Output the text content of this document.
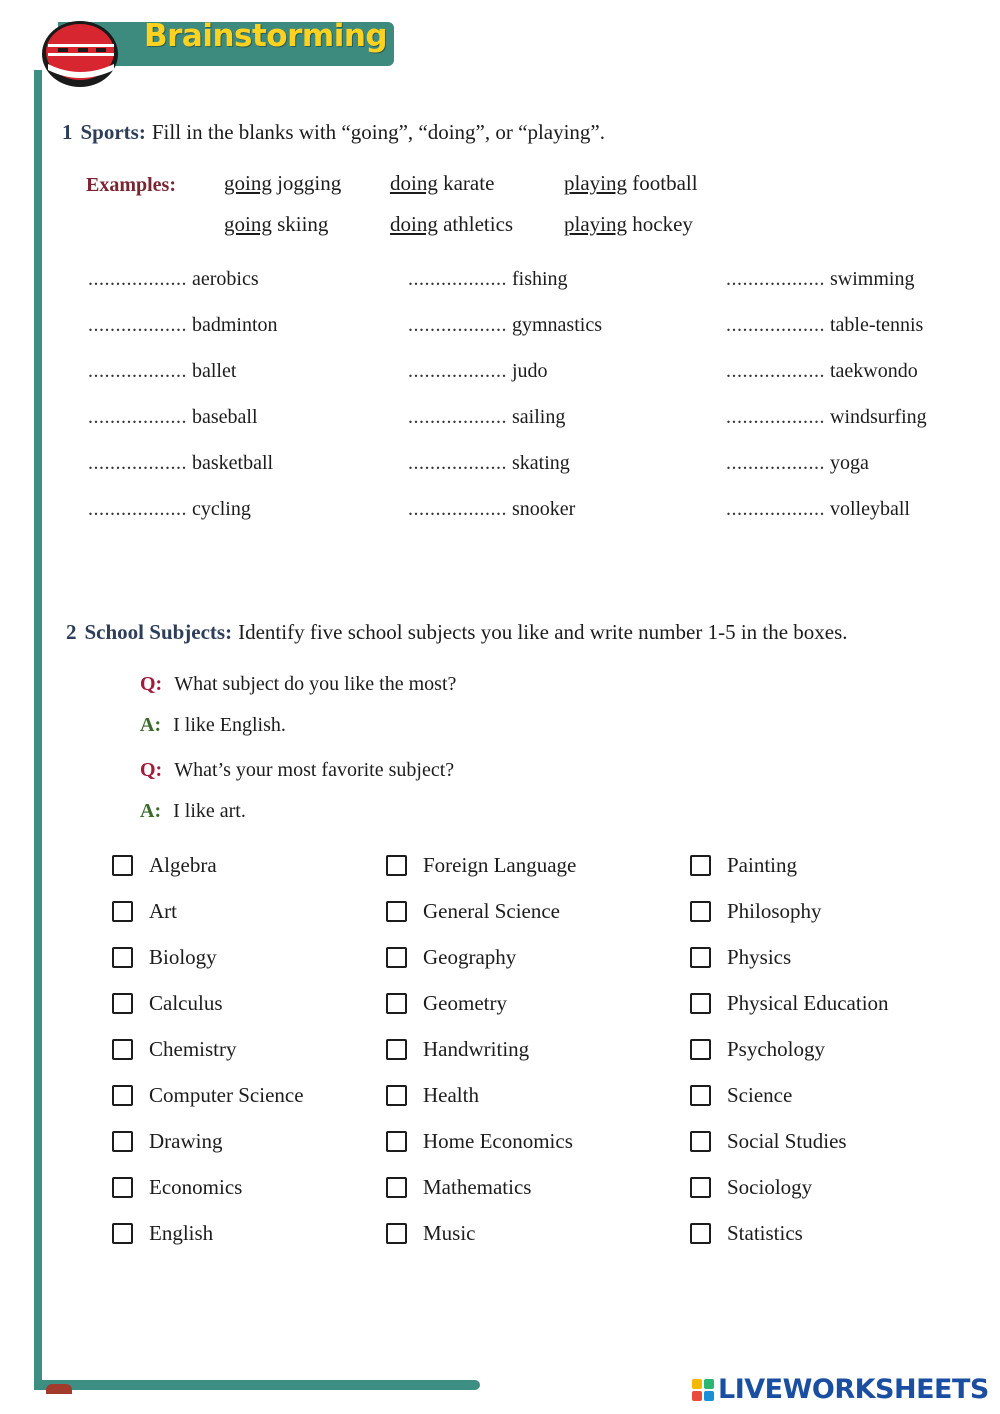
Brainstorming
1 Sports: Fill in the blanks with “going”, “doing”, or “playing”.
Examples: going jogging doing karate	playing football
going skiing	doing athletics playing hockey
.................. aerobics
.................. badminton
.................. ballet
.................. baseball
.................. basketball
.................. cycling
.................. fishing
.................. gymnastics
.................. judo
.................. sailing
.................. skating
.................. snooker
.................. swimming
.................. table-tennis
.................. taekwondo
.................. windsurfing
.................. yoga
.................. volleyball
2 School Subjects: Identify five school subjects you like and write number 1-5 in the boxes.
Q: What subject do you like the most?
A: I like English.
Q: What’s your most favorite subject?
A: I like art.
Algebra
Art
Biology
Calculus
Chemistry
Computer Science
Drawing
Economics
English
Foreign Language
General Science
Geography
Geometry
Handwriting
Health
Home Economics
Mathematics
Music
Painting
Philosophy
Physics
Physical Education
Psychology
Science
Social Studies
Sociology
Statistics
LIVEWORKSHEETS
